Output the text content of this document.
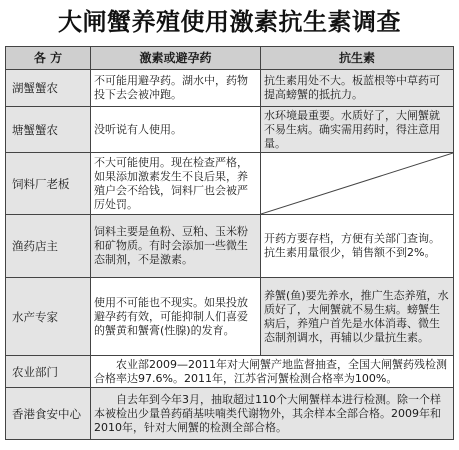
大闸蟹养殖使用激素抗生素调查
各 方	激素或避孕药	抗生素
湖蟹蟹农	不可能用避孕药。湖水中，药物投下去会被冲跑。	抗生素用处不大。板蓝根等中草药可提高螃蟹的抵抗力。
塘蟹蟹农	没听说有人使用。	水环境最重要。水质好了，大闸蟹就不易生病。确实需用药时，得注意用量。
饲料厂老板	不大可能使用。现在检查严格，如果添加激素发生不良后果，养殖户会不给钱，饲料厂也会被严厉处罚。	

渔药店主	饲料主要是鱼粉、豆粕、玉米粉和矿物质。有时会添加一些微生态制剂，不是激素。	开药方要存档，方便有关部门查询。抗生素用量很少，销售额不到2%。
水产专家	使用不可能也不现实。如果投放避孕药有效，可能抑制人们喜爱的蟹黄和蟹膏(性腺)的发育。	养蟹(鱼)要先养水，推广生态养殖，水质好了，大闸蟹就不易生病。螃蟹生病后，养殖户首先是水体消毒、微生态制剂调水，再辅以少量抗生素。
农业部门	农业部2009—2011年对大闸蟹产地监督抽查，全国大闸蟹药残检测合格率达97.6%。2011年，江苏省河蟹检测合格率为100%。	
香港食安中心	自去年到今年3月，抽取超过110个大闸蟹样本进行检测。除一个样本被检出少量兽药硝基呋喃类代谢物外，其余样本全部合格。2009年和2010年，针对大闸蟹的检测全部合格。	
